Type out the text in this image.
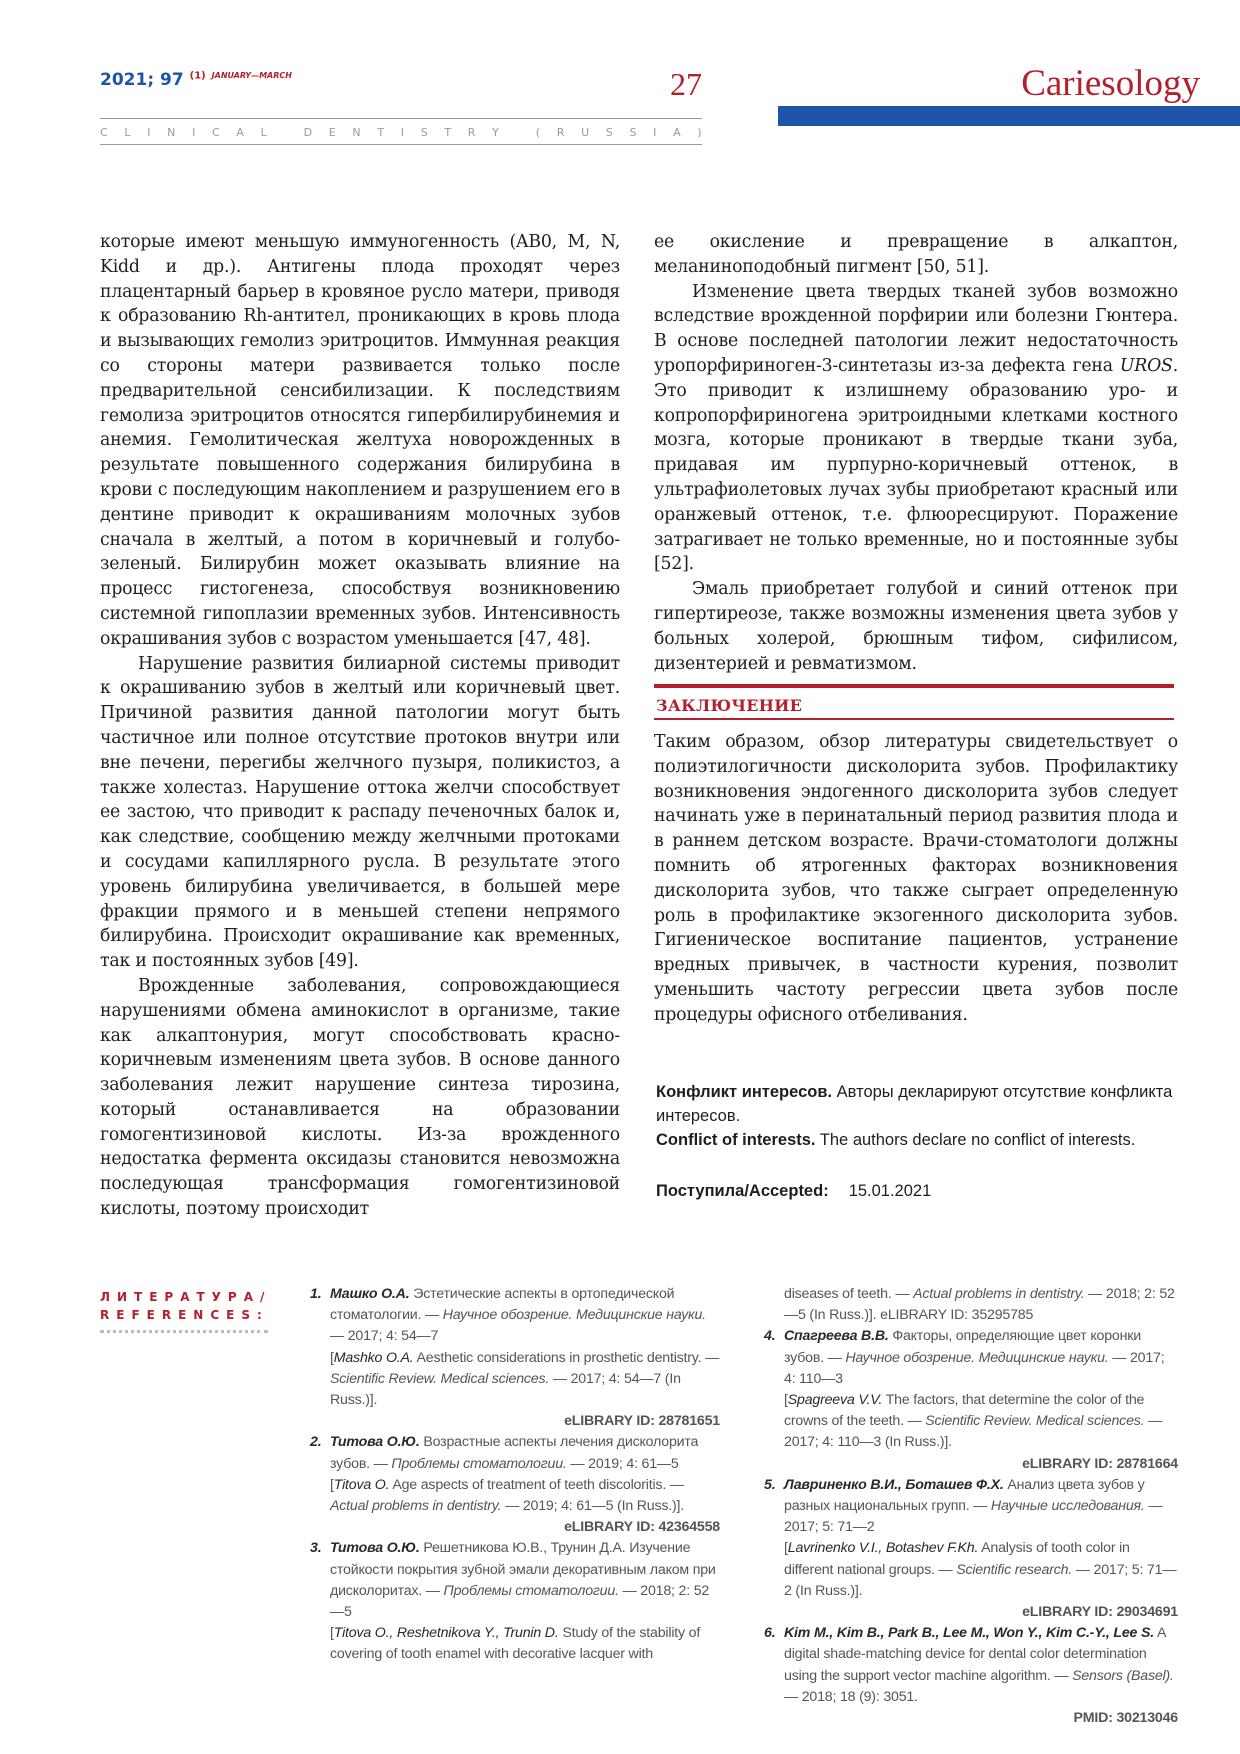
2021; 97 $^{(1)}$ $^{JANUARY—MARCH}$	27
C L I N I C A L
	D E N T I S T R Y
	( R U S S I A )
Cariesology

которые имеют меньшую иммуногенность (AB0, M, N, Kidd и др.). Антигены плода проходят через плацентарный барьер в кровяное русло матери, приводя к образованию Rh-антител, проникающих в кровь плода и вызывающих гемолиз эритроцитов. Иммунная реакция со стороны матери развивается только после предварительной сенсибилизации. К последствиям гемолиза эритроцитов относятся гипербилирубинемия и анемия. Гемолитическая желтуха новорожденных в результате повышенного содержания билирубина в крови с последующим накоплением и разрушением его в дентине приводит к окрашиваниям молочных зубов сначала в желтый, а потом в коричневый и голубо-зеленый. Билирубин может оказывать влияние на процесс гистогенеза, способствуя возникновению системной гипоплазии временных зубов. Интенсивность окрашивания зубов с возрастом уменьшается [47, 48].

Нарушение развития билиарной системы приводит к окрашиванию зубов в желтый или коричневый цвет. Причиной развития данной патологии могут быть частичное или полное отсутствие протоков внутри или вне печени, перегибы желчного пузыря, поликистоз, а также холестаз. Нарушение оттока желчи способствует ее застою, что приводит к распаду печеночных балок и, как следствие, сообщению между желчными протоками и сосудами капиллярного русла. В результате этого уровень билирубина увеличивается, в большей мере фракции прямого и в меньшей степени непрямого билирубина. Происходит окрашивание как временных, так и постоянных зубов [49].

Врожденные заболевания, сопровождающиеся нарушениями обмена аминокислот в организме, такие как алкаптонурия, могут способствовать красно-коричневым изменениям цвета зубов. В основе данного заболевания лежит нарушение синтеза тирозина, который останавливается на образовании гомогентизиновой кислоты. Из-за врожденного недостатка фермента оксидазы становится невозможна последующая трансформация гомогентизиновой кислоты, поэтому происходит

ее окисление и превращение в алкаптон, меланиноподобный пигмент [50, 51].

Изменение цвета твердых тканей зубов возможно вследствие врожденной порфирии или болезни Гюнтера. В основе последней патологии лежит недостаточность уропорфириноген-3-синтетазы из-за дефекта гена UROS. Это приводит к излишнему образованию уро- и копропорфириногена эритроидными клетками костного мозга, которые проникают в твердые ткани зуба, придавая им пурпурно-коричневый оттенок, в ультрафиолетовых лучах зубы приобретают красный или оранжевый оттенок, т.е. флюоресцируют. Поражение затрагивает не только временные, но и постоянные зубы [52].

Эмаль приобретает голубой и синий оттенок при гипертиреозе, также возможны изменения цвета зубов у больных холерой, брюшным тифом, сифилисом, дизентерией и ревматизмом.

ЗАКЛЮЧЕНИЕ
Таким образом, обзор литературы свидетельствует о полиэтилогичности дисколорита зубов. Профилактику возникновения эндогенного дисколорита зубов следует начинать уже в перинатальный период развития плода и в раннем детском возрасте. Врачи-стоматологи должны помнить об ятрогенных факторах возникновения дисколорита зубов, что также сыграет определенную роль в профилактике экзогенного дисколорита зубов. Гигиеническое воспитание пациентов, устранение вредных привычек, в частности курения, позволит уменьшить частоту регрессии цвета зубов после процедуры офисного отбеливания.
Конфликт интересов. Авторы декларируют отсутствие конфликта интересов.
Conflict of interests. The authors declare no conflict of interests.
Поступила/Accepted: 15.01.2021
ЛИТЕРАТУРА/
REFERENCES:
1. Машко О.А. Эстетические аспекты в ортопедической стоматологии. — Научное обозрение. Медицинские науки. — 2017; 4: 54—7
[Mashko O.A. Aesthetic considerations in prosthetic dentistry. — Scientific Review. Medical sciences. — 2017; 4: 54—7 (In Russ.)].
eLIBRARY ID: 28781651
2. Титова О.Ю. Возрастные аспекты лечения дисколорита зубов. — Проблемы стоматологии. — 2019; 4: 61—5
[Titova O. Age aspects of treatment of teeth discoloritis. — Actual problems in dentistry. — 2019; 4: 61—5 (In Russ.)].
eLIBRARY ID: 42364558
3. Титова О.Ю. Решетникова Ю.В., Трунин Д.А. Изучение стойкости покрытия зубной эмали декоративным лаком при дисколоритах. — Проблемы стоматологии. — 2018; 2: 52—5
[Titova O., Reshetnikova Y., Trunin D. Study of the stability of covering of tooth enamel with decorative lacquer with
diseases of teeth. — Actual problems in dentistry. — 2018; 2: 52—5 (In Russ.)]. eLIBRARY ID: 35295785
4. Спагреева В.В. Факторы, определяющие цвет коронки зубов. — Научное обозрение. Медицинские науки. — 2017; 4: 110—3
[Spagreeva V.V. The factors, that determine the color of the crowns of the teeth. — Scientific Review. Medical sciences. — 2017; 4: 110—3 (In Russ.)].
eLIBRARY ID: 28781664
5. Лавриненко В.И., Боташев Ф.Х. Анализ цвета зубов у разных национальных групп. — Научные исследования. — 2017; 5: 71—2
[Lavrinenko V.I., Botashev F.Kh. Analysis of tooth color in different national groups. — Scientific research. — 2017; 5: 71—2 (In Russ.)].
eLIBRARY ID: 29034691
6. Kim M., Kim B., Park B., Lee M., Won Y., Kim C.-Y., Lee S. A digital shade-matching device for dental color determination using the support vector machine algorithm. — Sensors (Basel). — 2018; 18 (9): 3051.
PMID: 30213046
